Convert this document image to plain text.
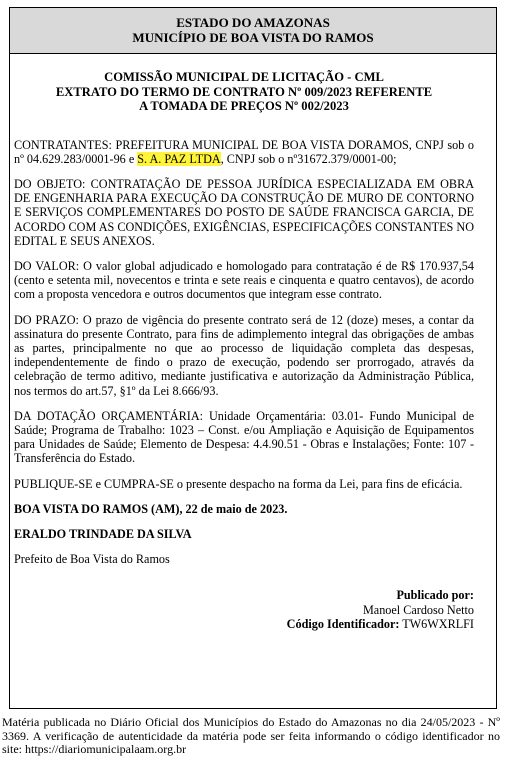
ESTADO DO AMAZONAS
MUNICÍPIO DE BOA VISTA DO RAMOS
COMISSÃO MUNICIPAL DE LICITAÇÃO - CML
EXTRATO DO TERMO DE CONTRATO Nº 009/2023 REFERENTE
A TOMADA DE PREÇOS Nº 002/2023

CONTRATANTES: PREFEITURA MUNICIPAL DE BOA VISTA DORAMOS, CNPJ sob o nº 04.629.283/0001-96 e S. A. PAZ LTDA, CNPJ sob o nº31672.379/0001-00;

DO OBJETO: CONTRATAÇÃO DE PESSOA JURÍDICA ESPECIALIZADA EM OBRA DE ENGENHARIA PARA EXECUÇÃO DA CONSTRUÇÃO DE MURO DE CONTORNO E SERVIÇOS COMPLEMENTARES DO POSTO DE SAÚDE FRANCISCA GARCIA, DE ACORDO COM AS CONDIÇÕES, EXIGÊNCIAS, ESPECIFICAÇÕES CONSTANTES NO EDITAL E SEUS ANEXOS.

DO VALOR: O valor global adjudicado e homologado para contratação é de R$ 170.937,54 (cento e setenta mil, novecentos e trinta e sete reais e cinquenta e quatro centavos), de acordo com a proposta vencedora e outros documentos que integram esse contrato.

DO PRAZO: O prazo de vigência do presente contrato será de 12 (doze) meses, a contar da assinatura do presente Contrato, para fins de adimplemento integral das obrigações de ambas as partes, principalmente no que ao processo de liquidação completa das despesas, independentemente de findo o prazo de execução, podendo ser prorrogado, através da celebração de termo aditivo, mediante justificativa e autorização da Administração Pública, nos termos do art.57, §1º da Lei 8.666/93.

DA DOTAÇÃO ORÇAMENTÁRIA: Unidade Orçamentária: 03.01- Fundo Municipal de Saúde; Programa de Trabalho: 1023 – Const. e/ou Ampliação e Aquisição de Equipamentos para Unidades de Saúde; Elemento de Despesa: 4.4.90.51 - Obras e Instalações; Fonte: 107 - Transferência do Estado.

PUBLIQUE-SE e CUMPRA-SE o presente despacho na forma da Lei, para fins de eficácia.

BOA VISTA DO RAMOS (AM), 22 de maio de 2023.

ERALDO TRINDADE DA SILVA

Prefeito de Boa Vista do Ramos

Publicado por:
Manoel Cardoso Netto
Código Identificador: TW6WXRLFI
Matéria publicada no Diário Oficial dos Municípios do Estado do Amazonas no dia 24/05/2023 - Nº 3369. A verificação de autenticidade da matéria pode ser feita informando o código identificador no site: https://diariomunicipalaam.org.br
